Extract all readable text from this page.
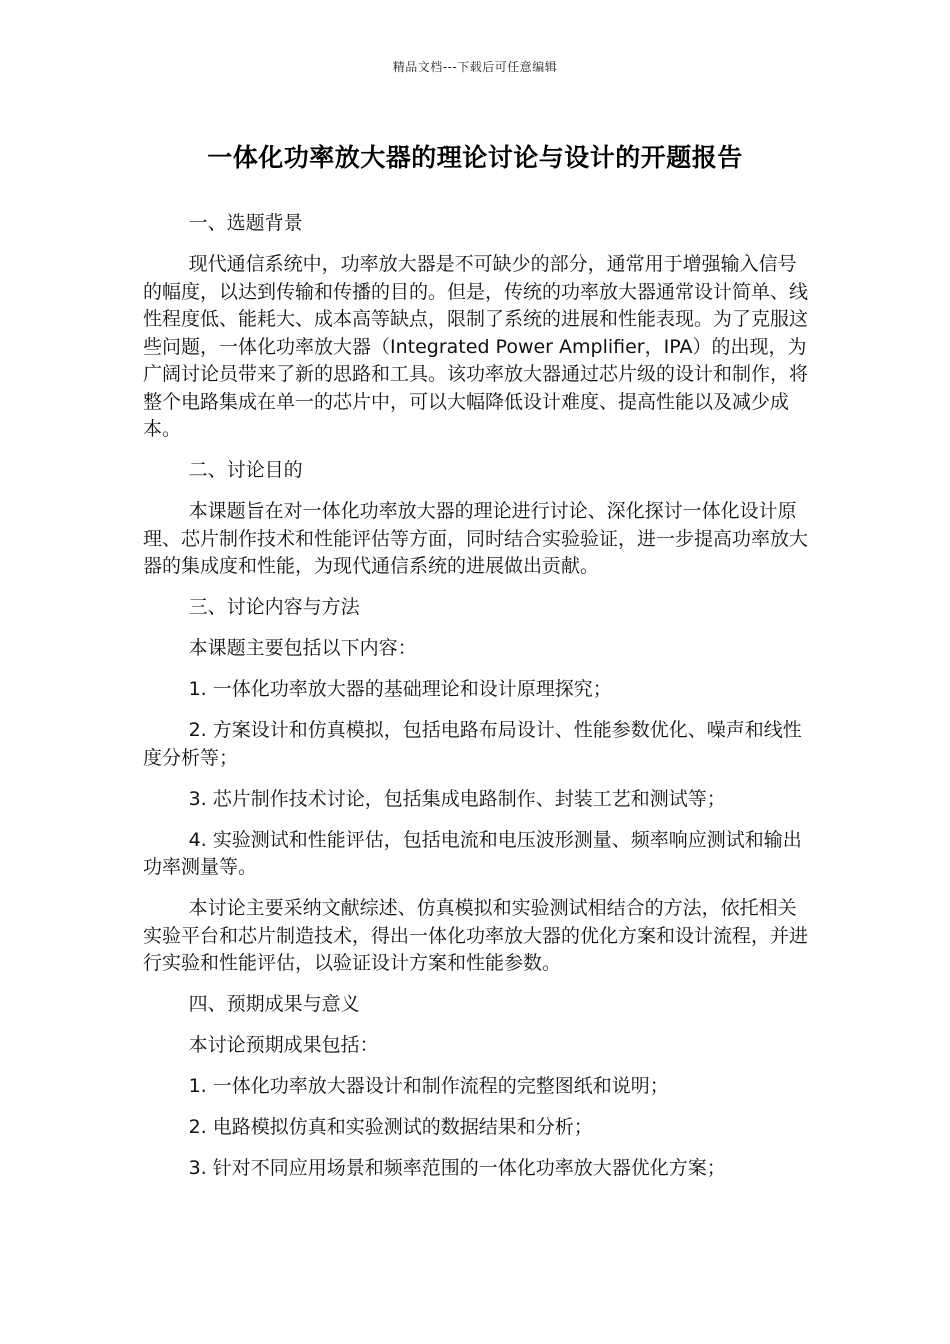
精品文档---下载后可任意编辑
一体化功率放大器的理论讨论与设计的开题报告

一、选题背景

现代通信系统中，功率放大器是不可缺少的部分，通常用于增强输入信号的幅度，以达到传输和传播的目的。但是，传统的功率放大器通常设计简单、线性程度低、能耗大、成本高等缺点，限制了系统的进展和性能表现。为了克服这些问题，一体化功率放大器（Integrated Power Amplifier，IPA）的出现，为广阔讨论员带来了新的思路和工具。该功率放大器通过芯片级的设计和制作，将整个电路集成在单一的芯片中，可以大幅降低设计难度、提高性能以及减少成本。

二、讨论目的

本课题旨在对一体化功率放大器的理论进行讨论、深化探讨一体化设计原理、芯片制作技术和性能评估等方面，同时结合实验验证，进一步提高功率放大器的集成度和性能，为现代通信系统的进展做出贡献。

三、讨论内容与方法

本课题主要包括以下内容：

1. 一体化功率放大器的基础理论和设计原理探究；

2. 方案设计和仿真模拟，包括电路布局设计、性能参数优化、噪声和线性度分析等；

3. 芯片制作技术讨论，包括集成电路制作、封装工艺和测试等；

4. 实验测试和性能评估，包括电流和电压波形测量、频率响应测试和输出功率测量等。

本讨论主要采纳文献综述、仿真模拟和实验测试相结合的方法，依托相关实验平台和芯片制造技术，得出一体化功率放大器的优化方案和设计流程，并进行实验和性能评估，以验证设计方案和性能参数。

四、预期成果与意义

本讨论预期成果包括：

1. 一体化功率放大器设计和制作流程的完整图纸和说明；

2. 电路模拟仿真和实验测试的数据结果和分析；

3. 针对不同应用场景和频率范围的一体化功率放大器优化方案；
